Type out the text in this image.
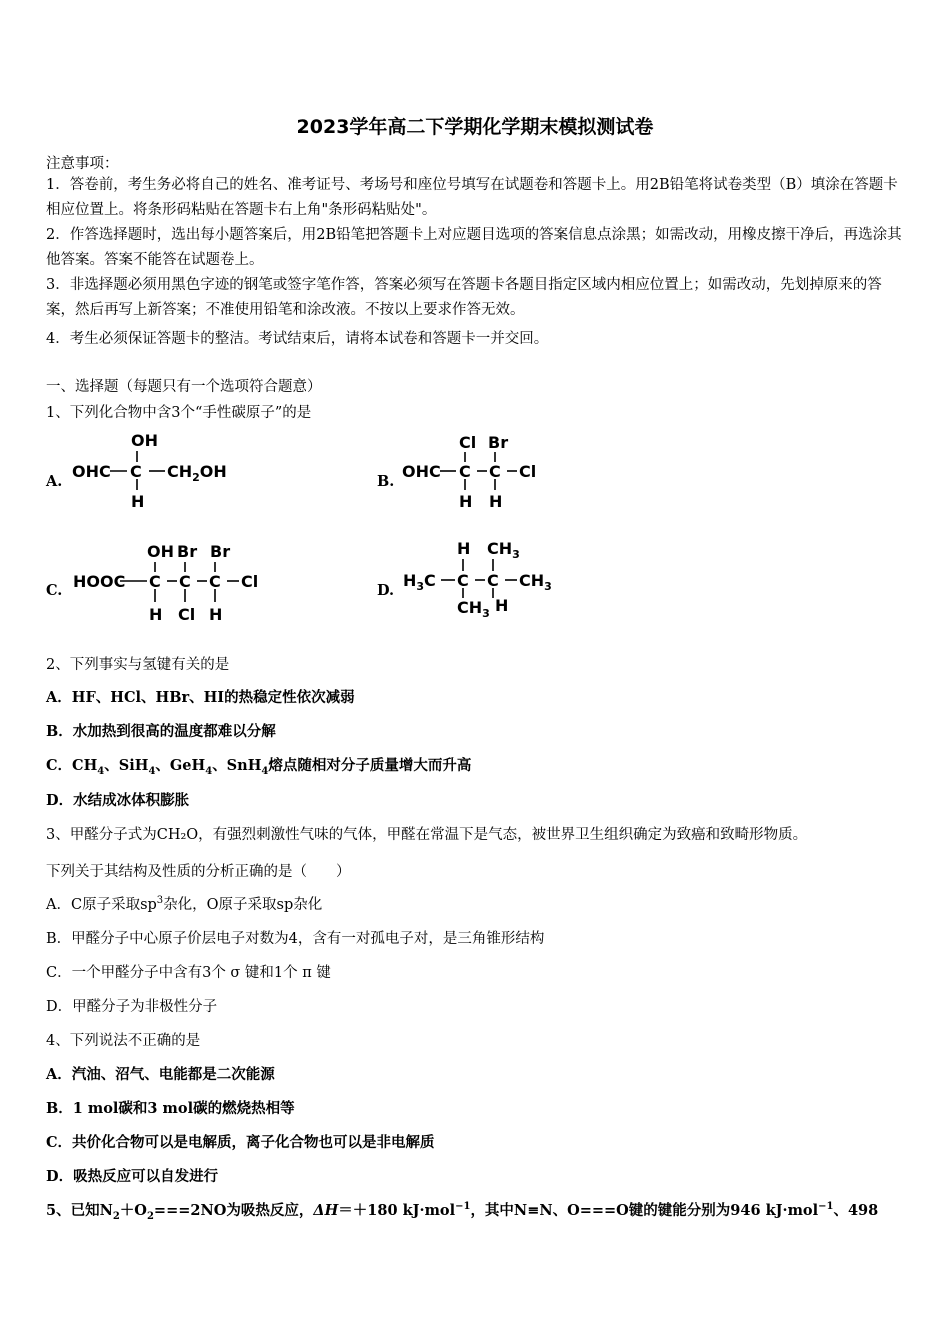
2023学年高二下学期化学期末模拟测试卷
注意事项：
1．答卷前，考生务必将自己的姓名、准考证号、考场号和座位号填写在试题卷和答题卡上。用2B铅笔将试卷类型（B）填涂在答题卡相应位置上。将条形码粘贴在答题卡右上角"条形码粘贴处"。
2．作答选择题时，选出每小题答案后，用2B铅笔把答题卡上对应题目选项的答案信息点涂黑；如需改动，用橡皮擦干净后，再选涂其他答案。答案不能答在试题卷上。
3．非选择题必须用黑色字迹的钢笔或签字笔作答，答案必须写在答题卡各题目指定区域内相应位置上；如需改动，先划掉原来的答案，然后再写上新答案；不准使用铅笔和涂改液。不按以上要求作答无效。
4．考生必须保证答题卡的整洁。考试结束后，请将本试卷和答题卡一并交回。
一、选择题（每题只有一个选项符合题意）
1、下列化合物中含3个“手性碳原子”的是
A.
OHC C $CH_2OH$
OH
H
B.
OHC C C Cl
Cl Br
H H
C. HOOC C C C Cl
OH Br Br
H Cl H
D.
$H_3C$ C C $CH_3$
H $CH_3$
$CH_3$ H
2、下列事实与氢键有关的是
A．HF、HCl、HBr、HI的热稳定性依次减弱
B．水加热到很高的温度都难以分解
C．$CH_4$、SiH$_4$、GeH$_4$、SnH$_4$熔点随相对分子质量增大而升高
D．水结成冰体积膨胀
3、甲醛分子式为CH₂O，有强烈刺激性气味的气体，甲醛在常温下是气态，被世界卫生组织确定为致癌和致畸形物质。
下列关于其结构及性质的分析正确的是（　　）
A．C原子采取$sp^3$杂化，O原子采取sp杂化
B．甲醛分子中心原子价层电子对数为4，含有一对孤电子对，是三角锥形结构
C．一个甲醛分子中含有3个 σ 键和1个 π 键
D．甲醛分子为非极性分子
4、下列说法不正确的是
A．汽油、沼气、电能都是二次能源
B．1 mol碳和3 mol碳的燃烧热相等
C．共价化合物可以是电解质，离子化合物也可以是非电解质
D．吸热反应可以自发进行
5、已知$N_2+O_2===2NO$为吸热反应，ΔH＝＋180 kJ·mol$^{-1}$，其中N≡N、O===O键的键能分别为946 kJ·mol$^{-1}$、498
